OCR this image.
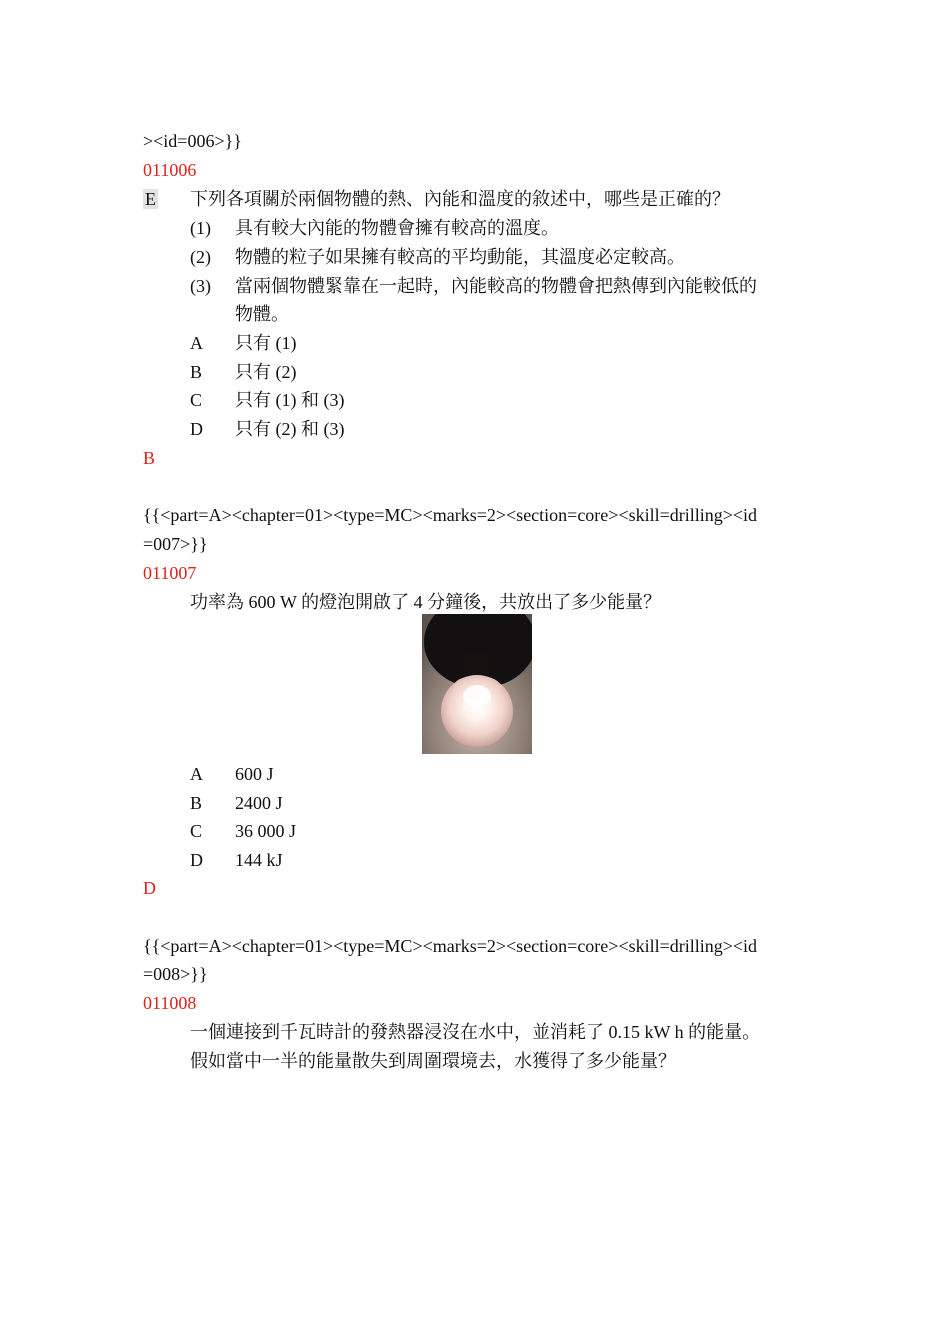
><id=006>}}
011006
E 下列各項關於兩個物體的熱、內能和溫度的敘述中，哪些是正確的？
(1) 具有較大內能的物體會擁有較高的溫度。
(2) 物體的粒子如果擁有較高的平均動能，其溫度必定較高。
(3) 當兩個物體緊靠在一起時，內能較高的物體會把熱傳到內能較低的
物體。
A 只有 (1)
B 只有 (2)
C 只有 (1) 和 (3)
D 只有 (2) 和 (3)
B
{{<part=A><chapter=01><type=MC><marks=2><section=core><skill=drilling><id
=007>}}
011007
功率為 600 W 的燈泡開啟了 4 分鐘後，共放出了多少能量？
A 600 J
B 2400 J
C 36 000 J
D 144 kJ
D
{{<part=A><chapter=01><type=MC><marks=2><section=core><skill=drilling><id
=008>}}
011008
一個連接到千瓦時計的發熱器浸沒在水中，並消耗了 0.15 kW h 的能量。
假如當中一半的能量散失到周圍環境去，水獲得了多少能量？
